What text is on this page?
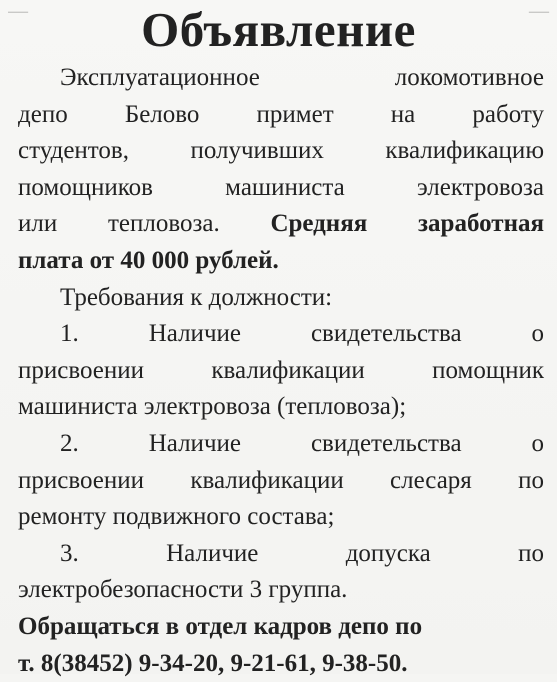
—	—
Объявление
Эксплуатационное локомотивное
депо Белово примет на работу
студентов, получивших квалификацию
помощников машиниста электровоза
или тепловоза. Средняя заработная
плата от 40 000 рублей.
Требования к должности:
1. Наличие свидетельства о
присвоении квалификации помощник
машиниста электровоза (тепловоза);
2. Наличие свидетельства о
присвоении квалификации слесаря по
ремонту подвижного состава;
3. Наличие допуска по
электробезопасности 3 группа.
Обращаться в отдел кадров депо по
т. 8(38452) 9-34-20, 9-21-61, 9-38-50.
